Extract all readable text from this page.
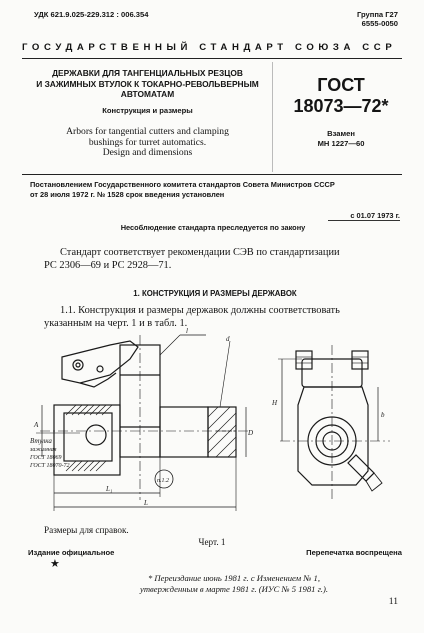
УДК 621.9.025-229.312 : 006.354	Группа Г27
6555-0050
ГОСУДАРСТВЕННЫЙ СТАНДАРТ СОЮЗА ССР
ДЕРЖАВКИ ДЛЯ ТАНГЕНЦИАЛЬНЫХ РЕЗЦОВ
И ЗАЖИМНЫХ ВТУЛОК К ТОКАРНО-РЕВОЛЬВЕРНЫМ
АВТОМАТАМ
Конструкция и размеры
Arbors for tangential cutters and clamping
bushings for turret automatics.
Design and dimensions
ГОСТ
18073—72*
Взамен
МН 1227—60
Постановлением Государственного комитета стандартов Совета Министров СССР
от 28 июля 1972 г. № 1528 срок введения установлен
с 01.07 1973 г.
Несоблюдение стандарта преследуется по закону

Стандарт соответствует рекомендации СЭВ по стандартизации

РС 2306—69 и РС 2928—71.

1. КОНСТРУКЦИЯ И РАЗМЕРЫ ДЕРЖАВОК

1.1. Конструкция и размеры державок должны соответствовать

указанным на черт. 1 и в табл. 1.

Втулка
зажимная
ГОСТ 18069
ГОСТ 18070-72
п.1.2
l
d
A
D
L₁
L
H
b
Размеры для справок.
Черт. 1
Издание официальное	Перепечатка воспрещена
★
* Переиздание июнь 1981 г. с Изменением № 1,
утвержденным в марте 1981 г. (ИУС № 5 1981 г.).
11
